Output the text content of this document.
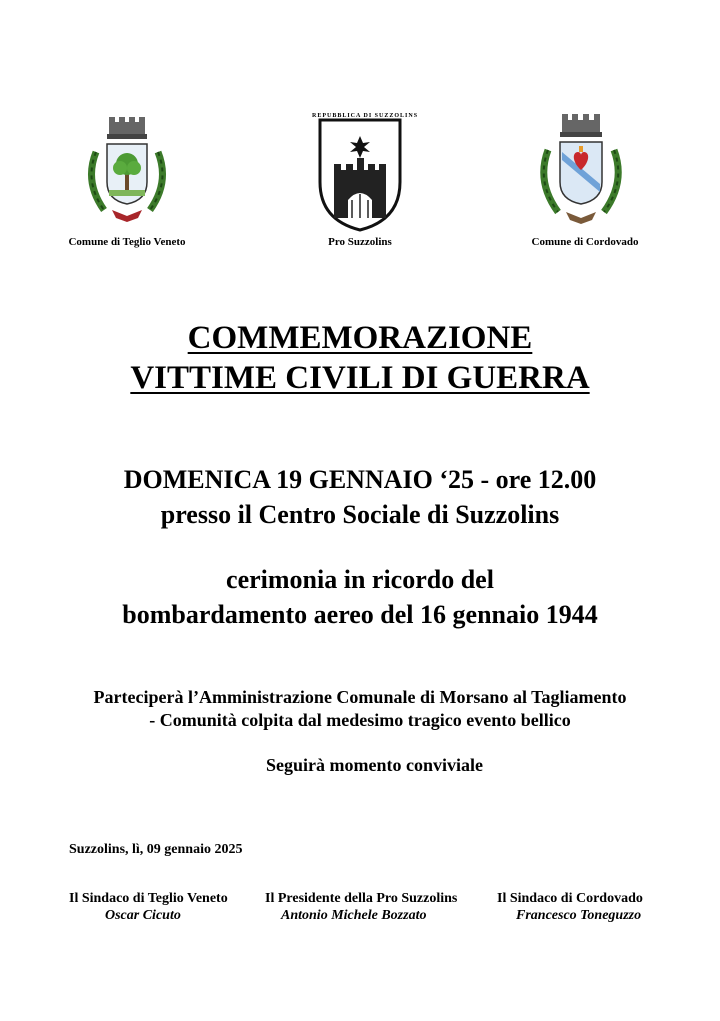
Comune di Teglio Veneto
REPUBBLICA DI SUZZOLINS
Pro Suzzolins	Comune di Cordovado
COMMEMORAZIONE
VITTIME CIVILI DI GUERRA
DOMENICA 19 GENNAIO ‘25 - ore 12.00
presso il Centro Sociale di Suzzolins
cerimonia in ricordo del
bombardamento aereo del 16 gennaio 1944
Parteciperà l’Amministrazione Comunale di Morsano al Tagliamento
- Comunità colpita dal medesimo tragico evento bellico
Seguirà momento conviviale
Suzzolins, lì, 09 gennaio 2025
Il Sindaco di Teglio Veneto
Oscar Cicuto
Il Presidente della Pro Suzzolins
Antonio Michele Bozzato
Il Sindaco di Cordovado
Francesco Toneguzzo
